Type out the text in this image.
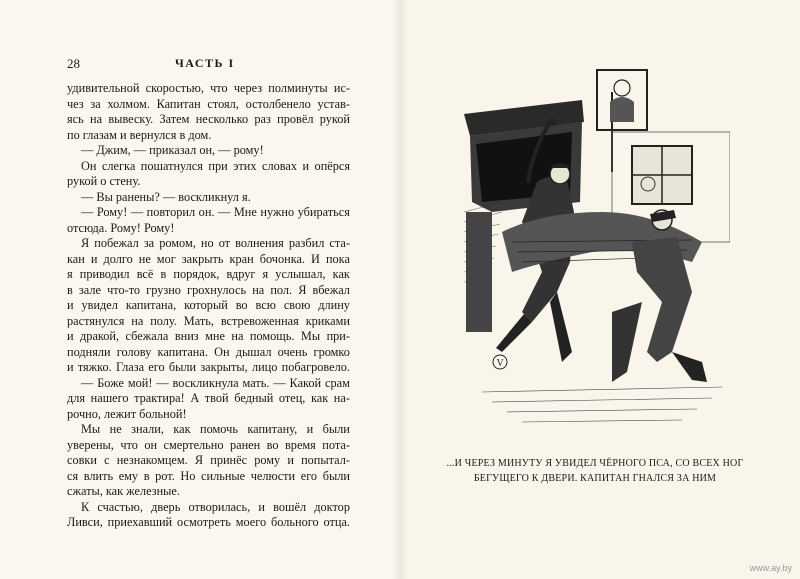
28	ЧАСТЬ I
удивительной скоростью, что через полминуты ис-
чез за холмом. Капитан стоял, остолбенело устав-
ясь на вывеску. Затем несколько раз провёл рукой
по глазам и вернулся в дом.
— Джим, — приказал он, — рому!
Он слегка пошатнулся при этих словах и опёрся
рукой о стену.
— Вы ранены? — воскликнул я.
— Рому! — повторил он. — Мне нужно убираться
отсюда. Рому! Рому!
Я побежал за ромом, но от волнения разбил ста-
кан и долго не мог закрыть кран бочонка. И пока
я приводил всё в порядок, вдруг я услышал, как
в зале что-то грузно грохнулось на пол. Я вбежал
и увидел капитана, который во всю свою длину
растянулся на полу. Мать, встревоженная криками
и дракой, сбежала вниз мне на помощь. Мы при-
подняли голову капитана. Он дышал очень громко
и тяжко. Глаза его были закрыты, лицо побагровело.
— Боже мой! — воскликнула мать. — Какой срам
для нашего трактира! А твой бедный отец, как на-
рочно, лежит больной!
Мы не знали, как помочь капитану, и были
уверены, что он смертельно ранен во время пота-
совки с незнакомцем. Я принёс рому и попытал-
ся влить ему в рот. Но сильные челюсти его были
сжаты, как железные.
К счастью, дверь отворилась, и вошёл доктор
Ливси, приехавший осмотреть моего больного отца.
V
...И ЧЕРЕЗ МИНУТУ Я УВИДЕЛ ЧЁРНОГО ПСА, СО ВСЕХ НОГ
БЕГУЩЕГО К ДВЕРИ. КАПИТАН ГНАЛСЯ ЗА НИМ
www.ay.by
